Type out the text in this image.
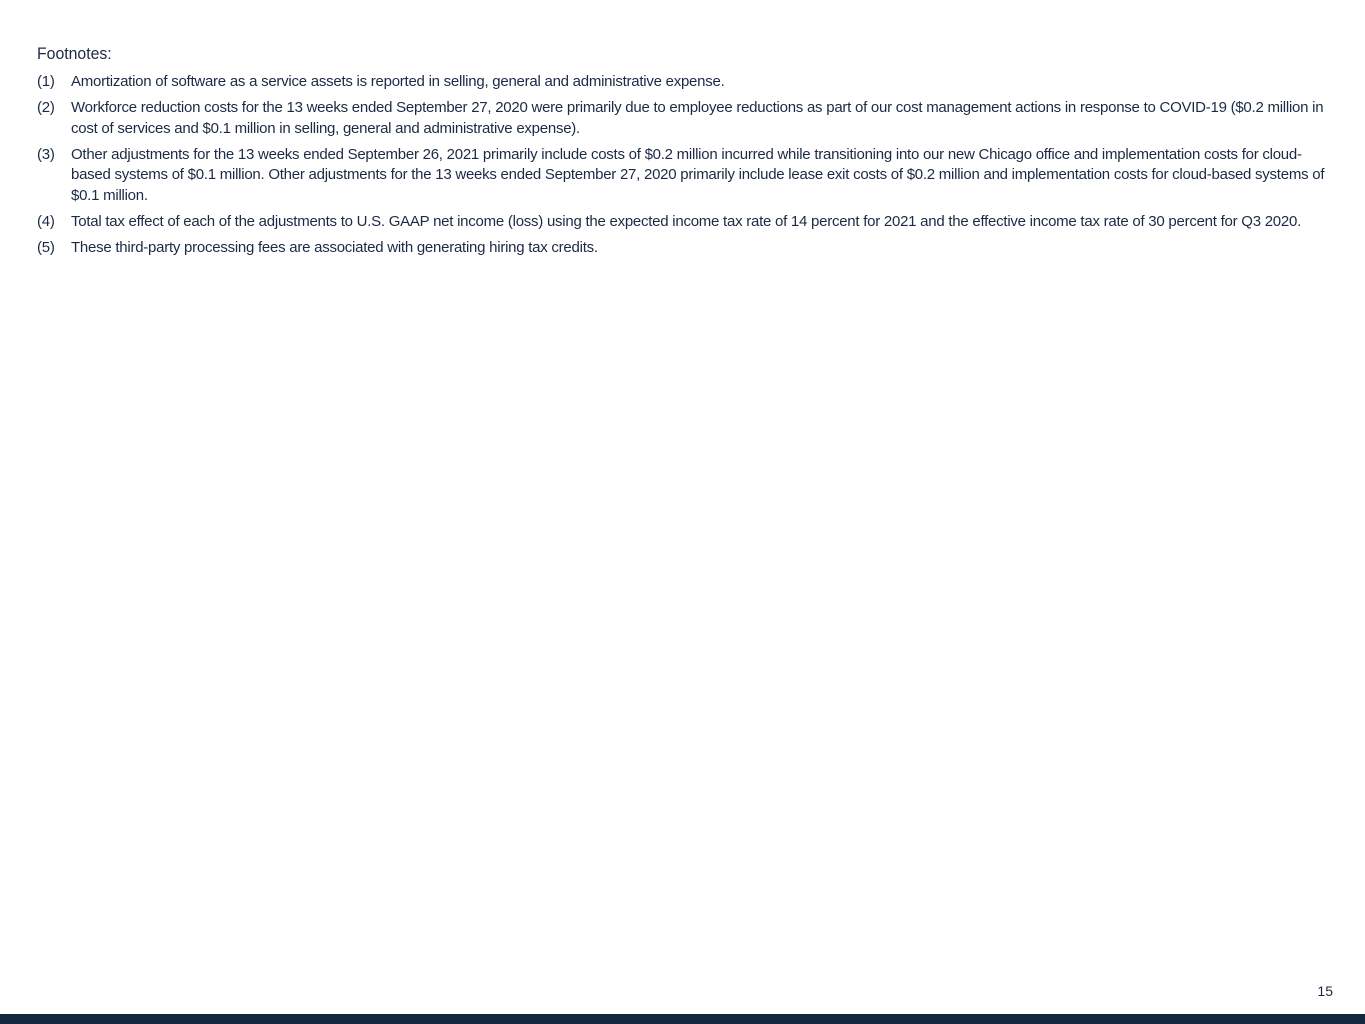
Footnotes:
(1)	Amortization of software as a service assets is reported in selling, general and administrative expense.
(2)	Workforce reduction costs for the 13 weeks ended September 27, 2020 were primarily due to employee reductions as part of our cost management actions in response to COVID-19 ($0.2 million in cost of services and $0.1 million in selling, general and administrative expense).
(3)	Other adjustments for the 13 weeks ended September 26, 2021 primarily include costs of $0.2 million incurred while transitioning into our new Chicago office and implementation costs for cloud-based systems of $0.1 million. Other adjustments for the 13 weeks ended September 27, 2020 primarily include lease exit costs of $0.2 million and implementation costs for cloud-based systems of $0.1 million.
(4)	Total tax effect of each of the adjustments to U.S. GAAP net income (loss) using the expected income tax rate of 14 percent for 2021 and the effective income tax rate of 30 percent for Q3 2020.
(5)	These third-party processing fees are associated with generating hiring tax credits.
15
